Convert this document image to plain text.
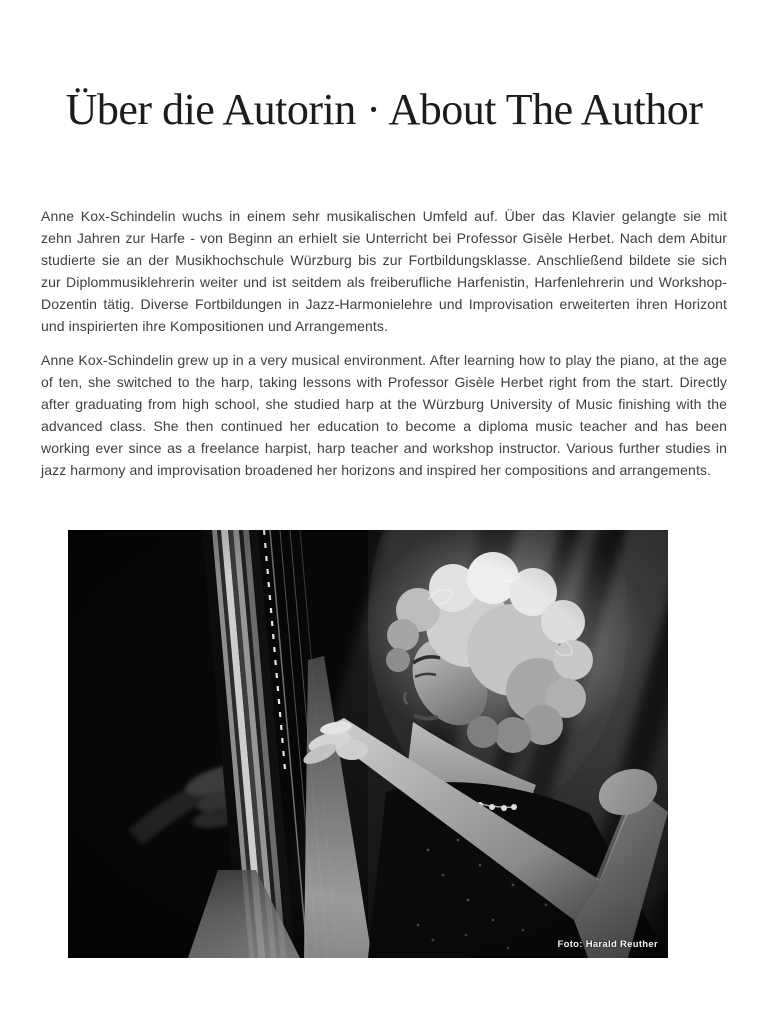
Über die Autorin · About The Author
Anne Kox-Schindelin wuchs in einem sehr musikalischen Umfeld auf. Über das Klavier gelangte sie mit
zehn Jahren zur Harfe - von Beginn an erhielt sie Unterricht bei Professor Gisèle Herbet. Nach dem Abitur
studierte sie an der Musikhochschule Würzburg bis zur Fortbildungsklasse. Anschließend bildete sie sich
zur Diplommusiklehrerin weiter und ist seitdem als freiberufliche Harfenistin, Harfenlehrerin und Workshop-
Dozentin tätig. Diverse Fortbildungen in Jazz-Harmonielehre und Improvisation erweiterten ihren Horizont
und inspirierten ihre Kompositionen und Arrangements.
Anne Kox-Schindelin grew up in a very musical environment. After learning how to play the piano, at the age
of ten, she switched to the harp, taking lessons with Professor Gisèle Herbet right from the start. Directly
after graduating from high school, she studied harp at the Würzburg University of Music finishing with the
advanced class. She then continued her education to become a diploma music teacher and has been
working ever since as a freelance harpist, harp teacher and workshop instructor. Various further studies in
jazz harmony and improvisation broadened her horizons and inspired her compositions and arrangements.
Foto: Harald Reuther
